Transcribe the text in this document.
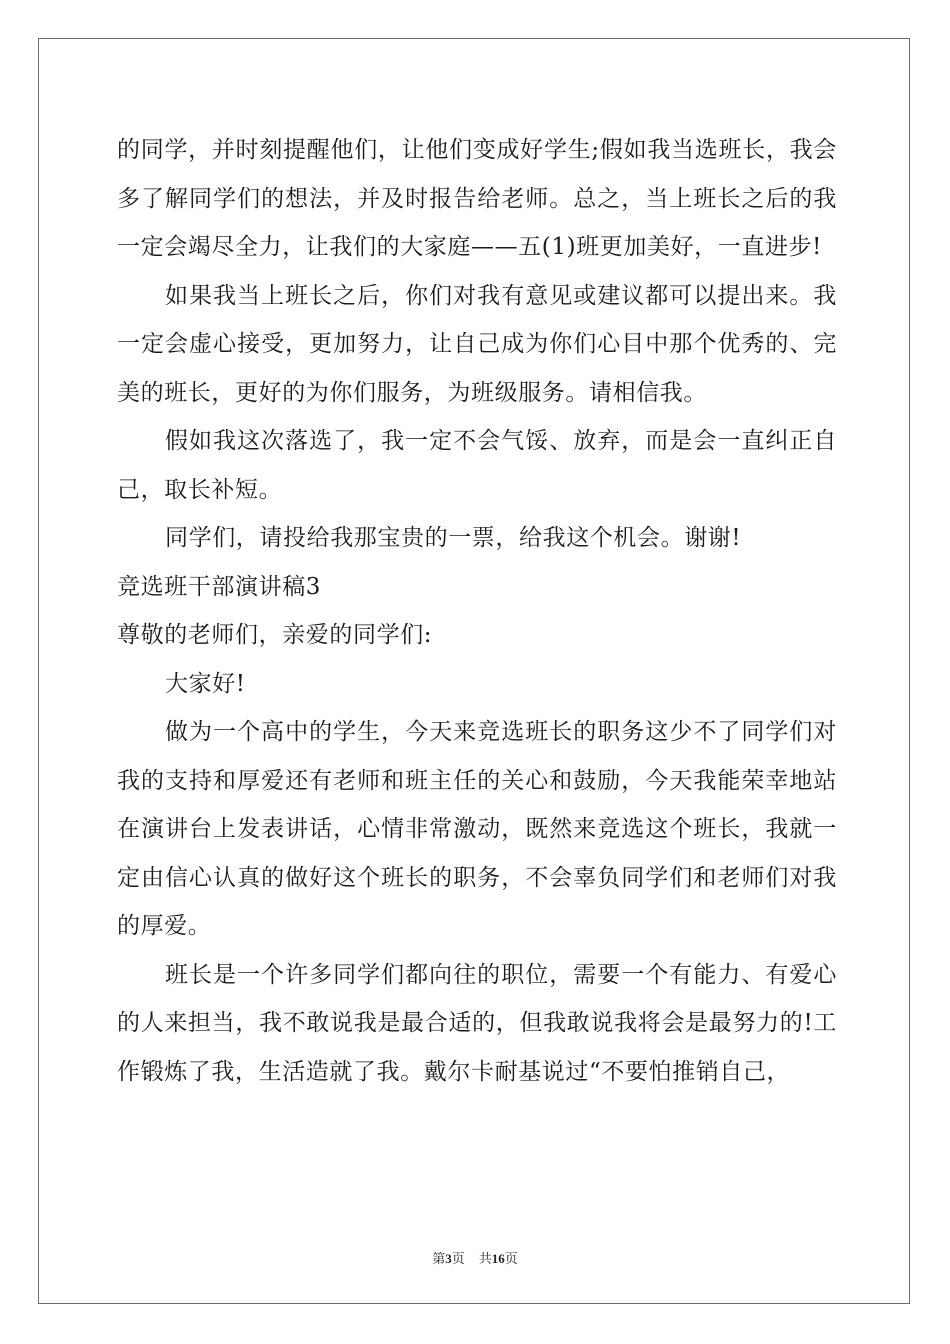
的同学，并时刻提醒他们，让他们变成好学生;假如我当选班长，我会多了解同学们的想法，并及时报告给老师。总之，当上班长之后的我一定会竭尽全力，让我们的大家庭——五(1)班更加美好，一直进步!

如果我当上班长之后，你们对我有意见或建议都可以提出来。我一定会虚心接受，更加努力，让自己成为你们心目中那个优秀的、完美的班长，更好的为你们服务，为班级服务。请相信我。

假如我这次落选了，我一定不会气馁、放弃，而是会一直纠正自己，取长补短。

同学们，请投给我那宝贵的一票，给我这个机会。谢谢!

竞选班干部演讲稿3

尊敬的老师们，亲爱的同学们:

大家好!

做为一个高中的学生，今天来竞选班长的职务这少不了同学们对我的支持和厚爱还有老师和班主任的关心和鼓励，今天我能荣幸地站在演讲台上发表讲话，心情非常激动，既然来竞选这个班长，我就一定由信心认真的做好这个班长的职务，不会辜负同学们和老师们对我的厚爱。

班长是一个许多同学们都向往的职位，需要一个有能力、有爱心的人来担当，我不敢说我是最合适的，但我敢说我将会是最努力的!工作锻炼了我，生活造就了我。戴尔卡耐基说过“不要怕推销自己，

第3页 共16页
